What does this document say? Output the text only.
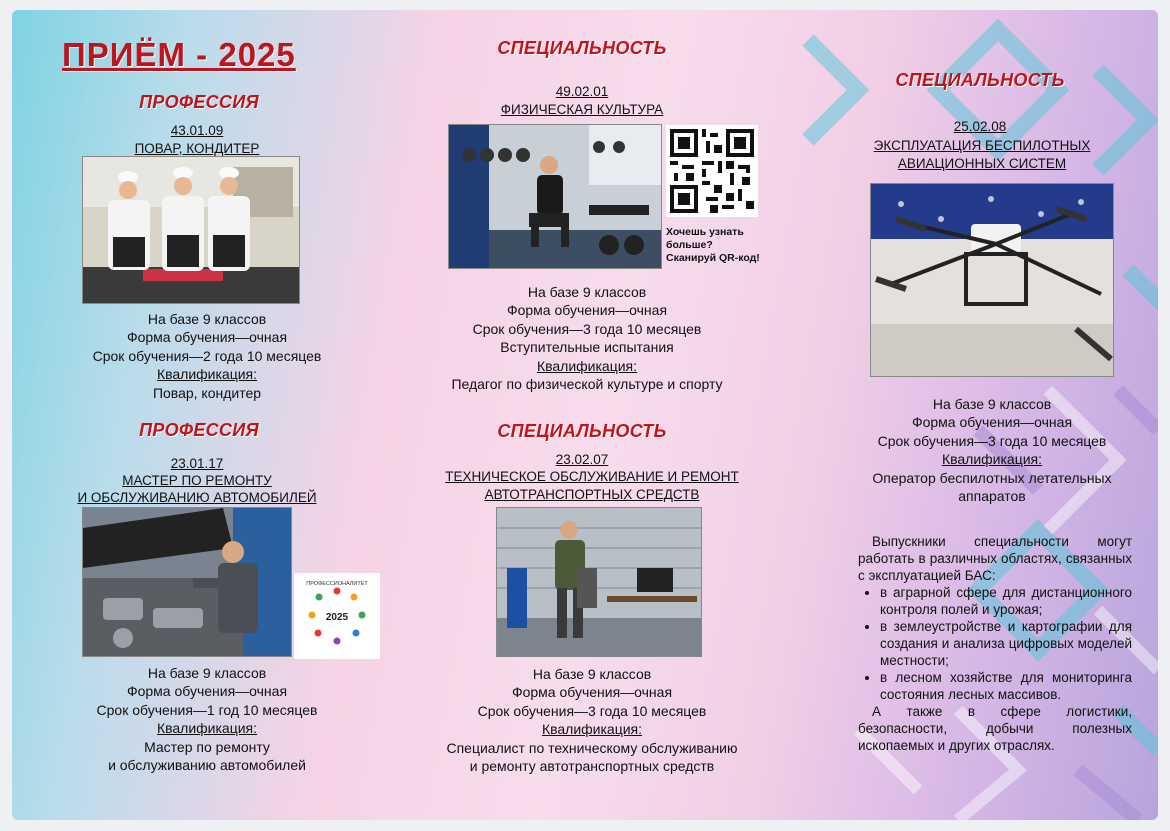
ПРИЁМ - 2025
ПРОФЕССИЯ
43.01.09
ПОВАР, КОНДИТЕР
На базе 9 классов
Форма обучения—очная
Срок обучения—2 года 10 месяцев
Квалификация:
Повар, кондитер
ПРОФЕССИЯ
23.01.17
МАСТЕР ПО РЕМОНТУ
И ОБСЛУЖИВАНИЮ АВТОМОБИЛЕЙ
2025
ПРОФЕССИОНАЛИТЕТ
На базе 9 классов
Форма обучения—очная
Срок обучения—1 год 10 месяцев
Квалификация:
Мастер по ремонту
и обслуживанию автомобилей
СПЕЦИАЛЬНОСТЬ
49.02.01
ФИЗИЧЕСКАЯ КУЛЬТУРА
Хочешь узнать
больше?
Сканируй QR-код!
На базе 9 классов
Форма обучения—очная
Срок обучения—3 года 10 месяцев
Вступительные испытания
Квалификация:
Педагог по физической культуре и спорту
СПЕЦИАЛЬНОСТЬ
23.02.07
ТЕХНИЧЕСКОЕ ОБСЛУЖИВАНИЕ И РЕМОНТ
АВТОТРАНСПОРТНЫХ СРЕДСТВ
На базе 9 классов
Форма обучения—очная
Срок обучения—3 года 10 месяцев
Квалификация:
Специалист по техническому обслуживанию
и ремонту автотранспортных средств
СПЕЦИАЛЬНОСТЬ
25.02.08
ЭКСПЛУАТАЦИЯ БЕСПИЛОТНЫХ
АВИАЦИОННЫХ СИСТЕМ
На базе 9 классов
Форма обучения—очная
Срок обучения—3 года 10 месяцев
Квалификация:
Оператор беспилотных летательных
аппаратов

Выпускники специальности могут работать в различных областях, связанных с эксплуатацией БАС:

• в аграрной сфере для дистанционного контроля полей и урожая;
• в землеустройстве и картографии для создания и анализа цифровых моделей местности;
• в лесном хозяйстве для мониторинга состояния лесных массивов.

А также в сфере логистики, безопасности, добычи полезных ископаемых и других отраслях.
